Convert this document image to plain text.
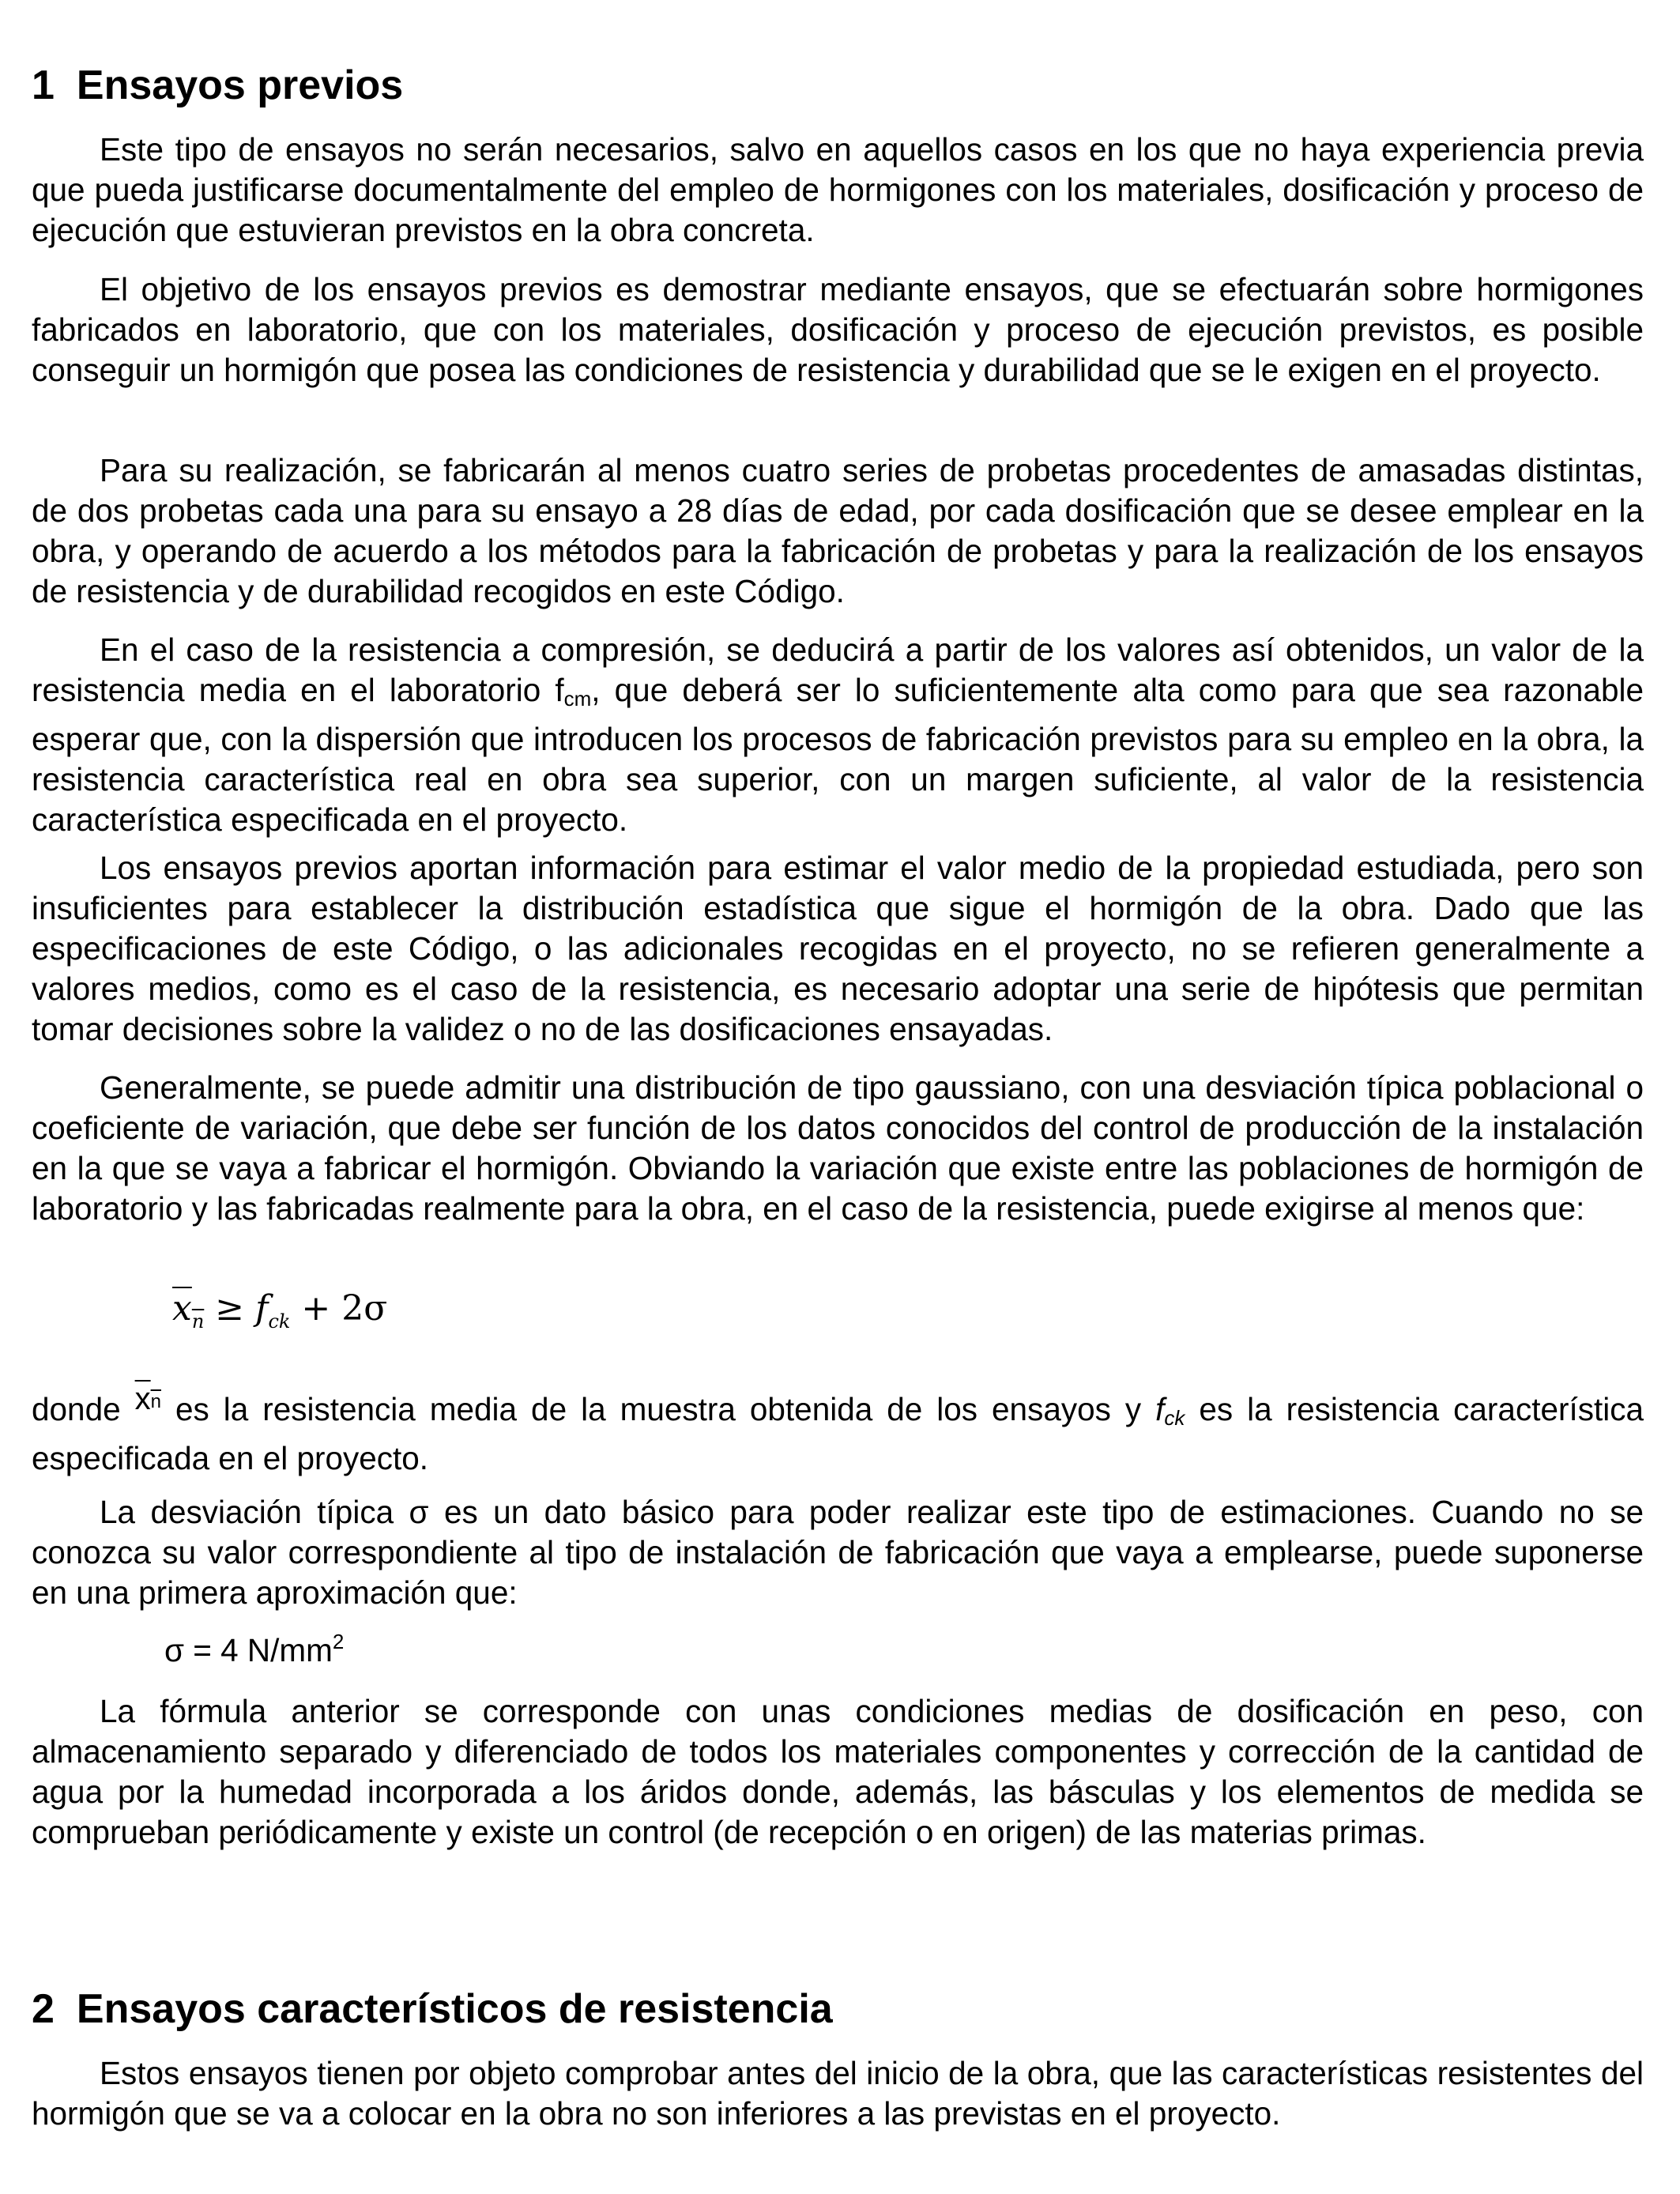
1 Ensayos previos

Este tipo de ensayos no serán necesarios, salvo en aquellos casos en los que no haya experiencia previa que pueda justificarse documentalmente del empleo de hormigones con los materiales, dosificación y proceso de ejecución que estuvieran previstos en la obra concreta.

El objetivo de los ensayos previos es demostrar mediante ensayos, que se efectuarán sobre hormigones fabricados en laboratorio, que con los materiales, dosificación y proceso de ejecución previstos, es posible conseguir un hormigón que posea las condiciones de resistencia y durabilidad que se le exigen en el proyecto.

Para su realización, se fabricarán al menos cuatro series de probetas procedentes de amasadas distintas, de dos probetas cada una para su ensayo a 28 días de edad, por cada dosificación que se desee emplear en la obra, y operando de acuerdo a los métodos para la fabricación de probetas y para la realización de los ensayos de resistencia y de durabilidad recogidos en este Código.

En el caso de la resistencia a compresión, se deducirá a partir de los valores así obtenidos, un valor de la resistencia media en el laboratorio $f_{cm}$, que deberá ser lo suficientemente alta como para que sea razonable esperar que, con la dispersión que introducen los procesos de fabricación previstos para su empleo en la obra, la resistencia característica real en obra sea superior, con un margen suficiente, al valor de la resistencia característica especificada en el proyecto.

Los ensayos previos aportan información para estimar el valor medio de la propiedad estudiada, pero son insuficientes para establecer la distribución estadística que sigue el hormigón de la obra. Dado que las especificaciones de este Código, o las adicionales recogidas en el proyecto, no se refieren generalmente a valores medios, como es el caso de la resistencia, es necesario adoptar una serie de hipótesis que permitan tomar decisiones sobre la validez o no de las dosificaciones ensayadas.

Generalmente, se puede admitir una distribución de tipo gaussiano, con una desviación típica poblacional o coeficiente de variación, que debe ser función de los datos conocidos del control de producción de la instalación en la que se vaya a fabricar el hormigón. Obviando la variación que existe entre las poblaciones de hormigón de laboratorio y las fabricadas realmente para la obra, en el caso de la resistencia, puede exigirse al menos que:

$x_n \ge f_{ck} + 2\sigma$

donde $x_n$ es la resistencia media de la muestra obtenida de los ensayos y $f_{ck}$ es la resistencia característica especificada en el proyecto.

La desviación típica σ es un dato básico para poder realizar este tipo de estimaciones. Cuando no se conozca su valor correspondiente al tipo de instalación de fabricación que vaya a emplearse, puede suponerse en una primera aproximación que:

σ = 4 $N/mm^2$

La fórmula anterior se corresponde con unas condiciones medias de dosificación en peso, con almacenamiento separado y diferenciado de todos los materiales componentes y corrección de la cantidad de agua por la humedad incorporada a los áridos donde, además, las básculas y los elementos de medida se comprueban periódicamente y existe un control (de recepción o en origen) de las materias primas.

2 Ensayos característicos de resistencia

Estos ensayos tienen por objeto comprobar antes del inicio de la obra, que las características resistentes del hormigón que se va a colocar en la obra no son inferiores a las previstas en el proyecto.
